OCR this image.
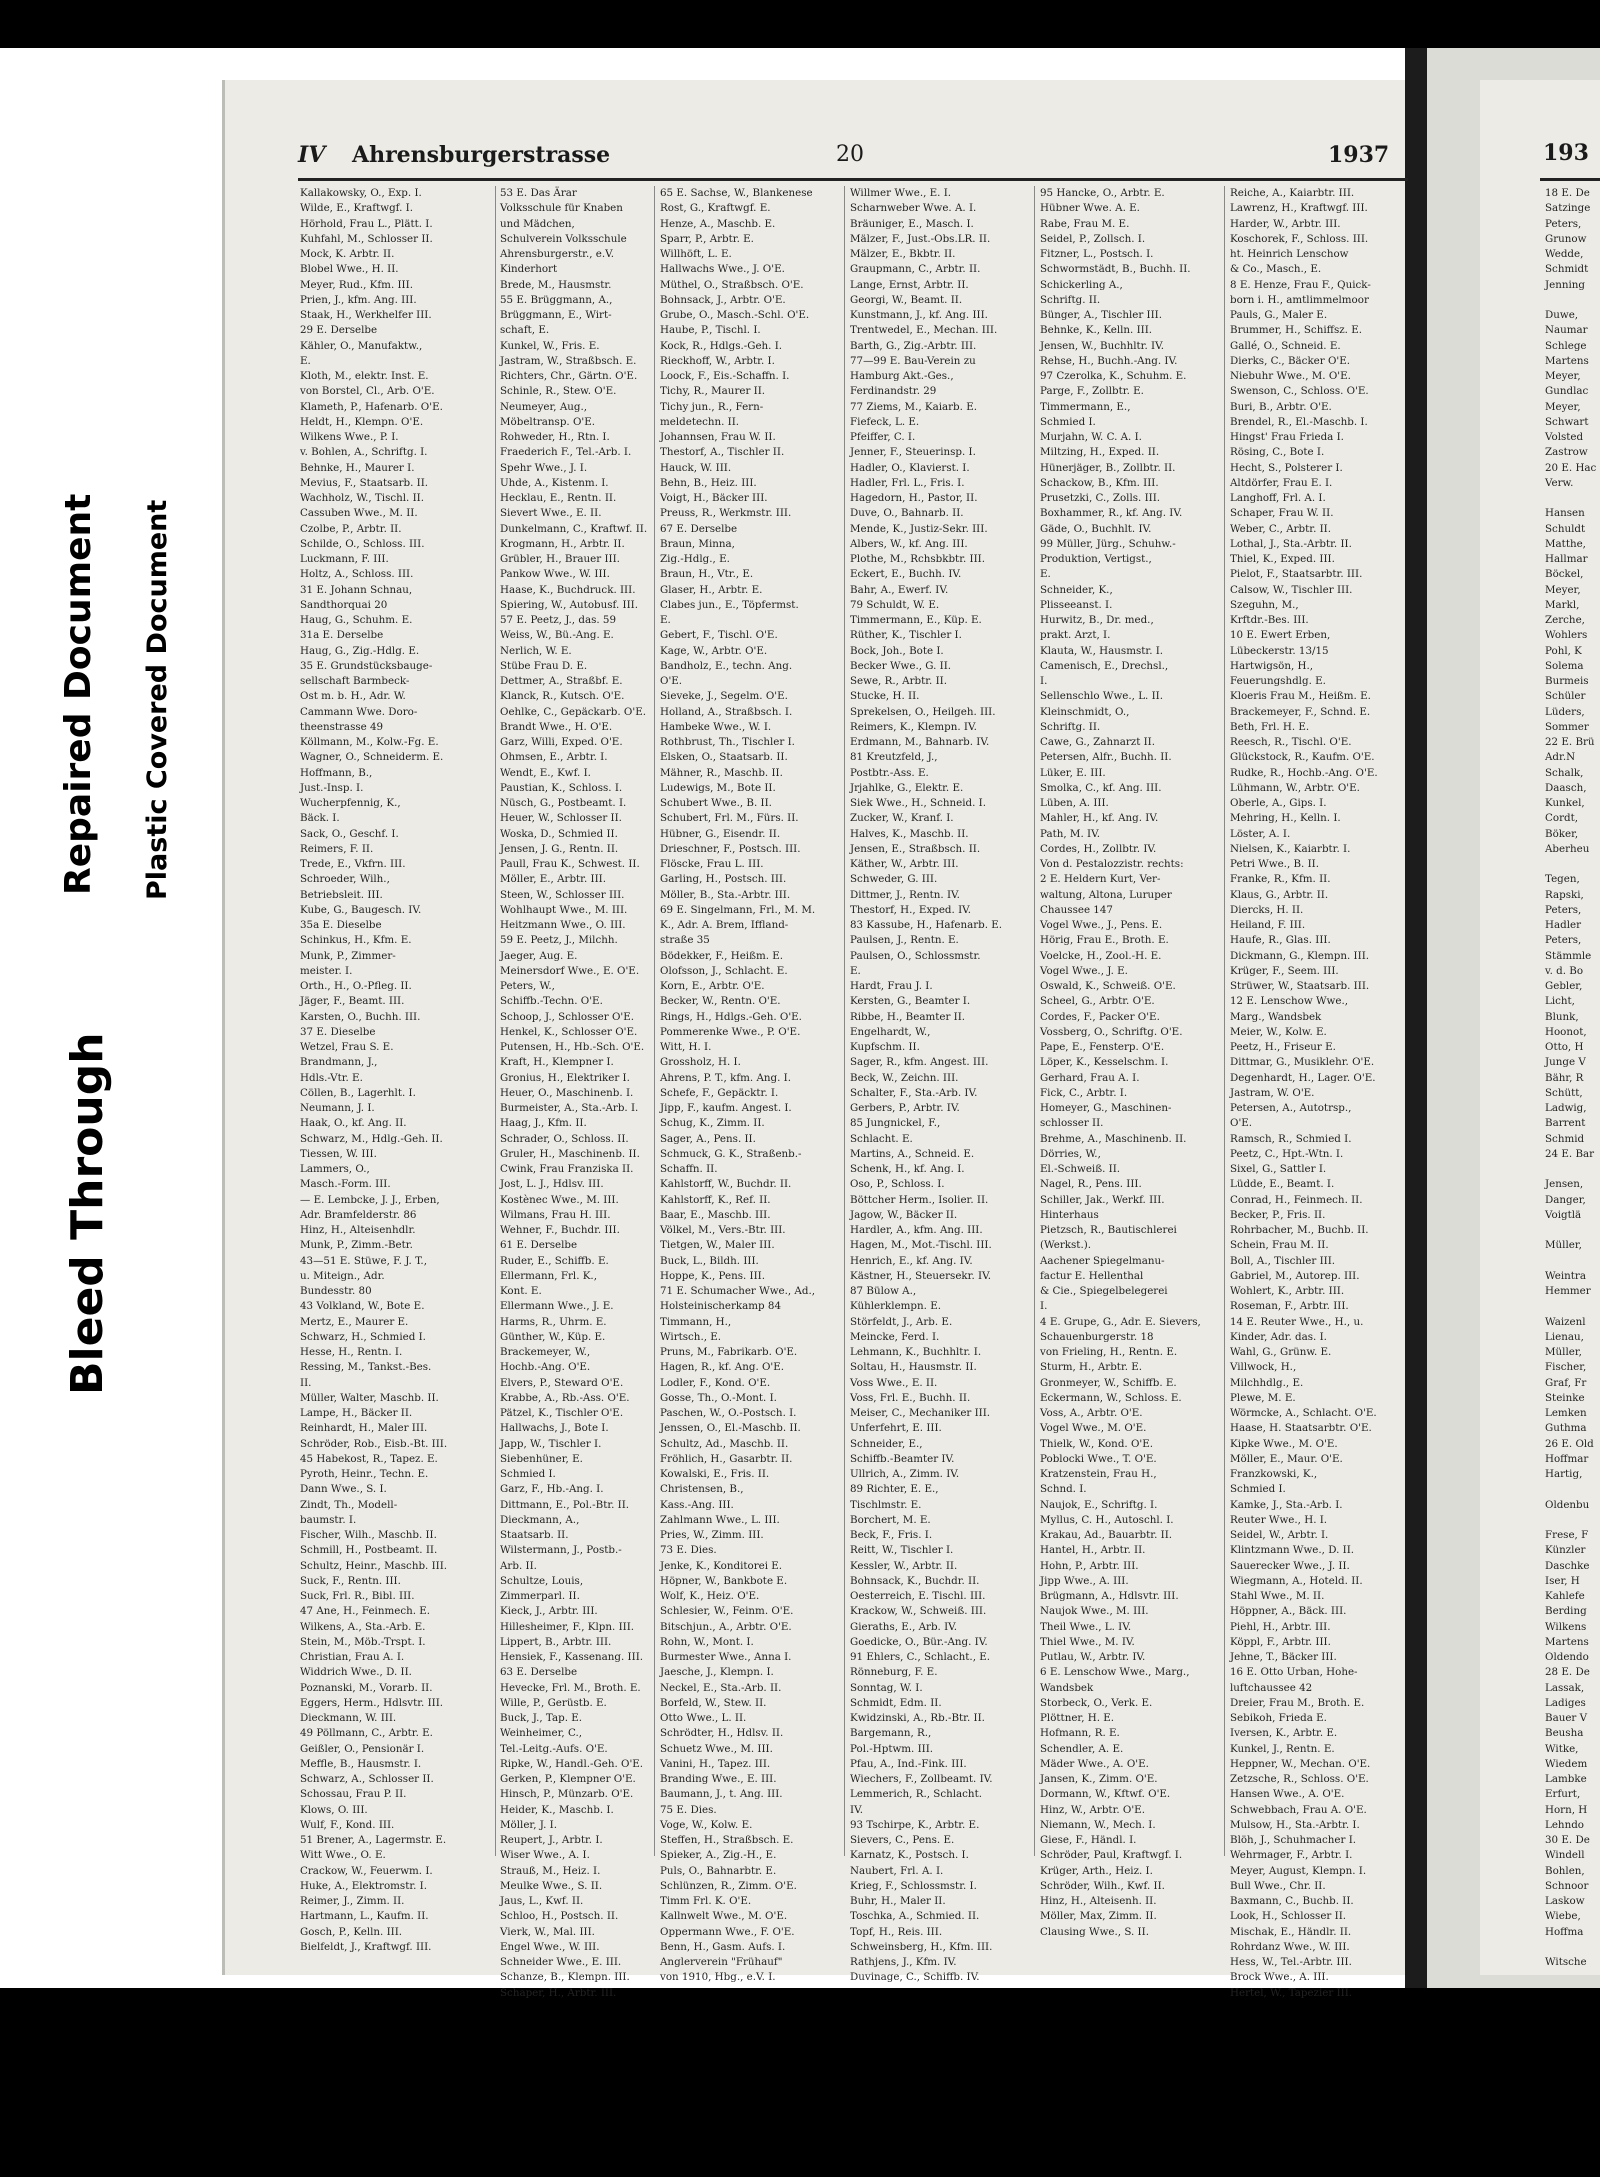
Bleed Through
Repaired Document Plastic Covered Document
IV Ahrensburgerstrasse	20	1937	193
18 E. De
Satzinge
Peters,
Grunow
Wedde,
Schmidt
Jenning

Duwe,
Naumar
Schlege
Martens
Meyer,
Gundlac
Meyer,
Schwart
Volsted
Zastrow
20 E. Hac
Verw.

Hansen
Schuldt
Matthe,
Hallmar
Böckel,
Meyer,
Markl,
Zerche,
Wohlers
Pohl, K
Solema
Burmeis
Schüler
Lüders,
Sommer
22 E. Brü
Adr.N
Schalk,
Daasch,
Kunkel,
Cordt,
Böker,
Aberheu

Tegen,
Rapski,
Peters,
Hadler
Peters,
Stämmle
v. d. Bo
Gebler,
Licht,
Blunk,
Hoonot,
Otto, H
Junge V
Bähr, R
Schütt,
Ladwig,
Barrent
Schmid
24 E. Bar

Jensen,
Danger,
Voigtlä

Müller,

Weintra
Hemmer

Waizenl
Lienau,
Müller,
Fischer,
Graf, Fr
Steinke
Lemken
Guthma
26 E. Old
Hoffmar
Hartig,

Oldenbu

Frese, F
Künzler
Daschke
Iser, H
Kahlefe
Berding
Wilkens
Martens
Oldendo
28 E. De
Lassak,
Ladiges
Bauer V
Beusha
Witke,
Wiedem
Lambke
Erfurt,
Horn, H
Lehndo
30 E. De
Windell
Bohlen,
Schnoor
Laskow
Wiebe,
Hoffma

Witsche
Kallakowsky, O., Exp. I.
Wilde, E., Kraftwgf. I.
Hörhold, Frau L., Plätt. I.
Kuhfahl, M., Schlosser II.
Mock, K. Arbtr. II.
Blobel Wwe., H. II.
Meyer, Rud., Kfm. III.
Prien, J., kfm. Ang. III.
Staak, H., Werkhelfer III.
29 E. Derselbe
Kähler, O., Manufaktw.,
E.
Kloth, M., elektr. Inst. E.
von Borstel, Cl., Arb. O'E.
Klameth, P., Hafenarb. O'E.
Heldt, H., Klempn. O'E.
Wilkens Wwe., P. I.
v. Bohlen, A., Schriftg. I.
Behnke, H., Maurer I.
Mevius, F., Staatsarb. II.
Wachholz, W., Tischl. II.
Cassuben Wwe., M. II.
Czolbe, P., Arbtr. II.
Schilde, O., Schloss. III.
Luckmann, F. III.
Holtz, A., Schloss. III.
31 E. Johann Schnau,
Sandthorquai 20
Haug, G., Schuhm. E.
31a E. Derselbe
Haug, G., Zig.-Hdlg. E.
35 E. Grundstücksbauge-
sellschaft Barmbeck-
Ost m. b. H., Adr. W.
Cammann Wwe. Doro-
theenstrasse 49
Köllmann, M., Kolw.-Fg. E.
Wagner, O., Schneiderm. E.
Hoffmann, B.,
Just.-Insp. I.
Wucherpfennig, K.,
Bäck. I.
Sack, O., Geschf. I.
Reimers, F. II.
Trede, E., Vkfrn. III.
Schroeder, Wilh.,
Betriebsleit. III.
Kube, G., Baugesch. IV.
35a E. Dieselbe
Schinkus, H., Kfm. E.
Munk, P., Zimmer-
meister. I.
Orth., H., O.-Pfleg. II.
Jäger, F., Beamt. III.
Karsten, O., Buchh. III.
37 E. Dieselbe
Wetzel, Frau S. E.
Brandmann, J.,
Hdls.-Vtr. E.
Cöllen, B., Lagerhlt. I.
Neumann, J. I.
Haak, O., kf. Ang. II.
Schwarz, M., Hdlg.-Geh. II.
Tiessen, W. III.
Lammers, O.,
Masch.-Form. III.
— E. Lembcke, J. J., Erben,
Adr. Bramfelderstr. 86
Hinz, H., Alteisenhdlr.
Munk, P., Zimm.-Betr.
43—51 E. Stüwe, F. J. T.,
u. Miteign., Adr.
Bundesstr. 80
43 Volkland, W., Bote E.
Mertz, E., Maurer E.
Schwarz, H., Schmied I.
Hesse, H., Rentn. I.
Ressing, M., Tankst.-Bes.
II.
Müller, Walter, Maschb. II.
Lampe, H., Bäcker II.
Reinhardt, H., Maler III.
Schröder, Rob., Eisb.-Bt. III.
45 Habekost, R., Tapez. E.
Pyroth, Heinr., Techn. E.
Dann Wwe., S. I.
Zindt, Th., Modell-
baumstr. I.
Fischer, Wilh., Maschb. II.
Schmill, H., Postbeamt. II.
Schultz, Heinr., Maschb. III.
Suck, F., Rentn. III.
Suck, Frl. R., Bibl. III.
47 Ane, H., Feinmech. E.
Wilkens, A., Sta.-Arb. E.
Stein, M., Möb.-Trspt. I.
Christian, Frau A. I.
Widdrich Wwe., D. II.
Poznanski, M., Vorarb. II.
Eggers, Herm., Hdlsvtr. III.
Dieckmann, W. III.
49 Pöllmann, C., Arbtr. E.
Geißler, O., Pensionär I.
Meffle, B., Hausmstr. I.
Schwarz, A., Schlosser II.
Schossau, Frau P. II.
Klows, O. III.
Wulf, F., Kond. III.
51 Brener, A., Lagermstr. E.
Witt Wwe., O. E.
Crackow, W., Feuerwm. I.
Huke, A., Elektromstr. I.
Reimer, J., Zimm. II.
Hartmann, L., Kaufm. II.
Gosch, P., Kelln. III.
Bielfeldt, J., Kraftwgf. III.
53 E. Das Ärar
Volksschule für Knaben
und Mädchen,
Schulverein Volksschule
Ahrensburgerstr., e.V.
Kinderhort
Brede, M., Hausmstr.
55 E. Brüggmann, A.,
Brüggmann, E., Wirt-
schaft, E.
Kunkel, W., Fris. E.
Jastram, W., Straßbsch. E.
Richters, Chr., Gärtn. O'E.
Schinle, R., Stew. O'E.
Neumeyer, Aug.,
Möbeltransp. O'E.
Rohweder, H., Rtn. I.
Fraederich F., Tel.-Arb. I.
Spehr Wwe., J. I.
Uhde, A., Kistenm. I.
Hecklau, E., Rentn. II.
Sievert Wwe., E. II.
Dunkelmann, C., Kraftwf. II.
Krogmann, H., Arbtr. II.
Grübler, H., Brauer III.
Pankow Wwe., W. III.
Haase, K., Buchdruck. III.
Spiering, W., Autobusf. III.
57 E. Peetz, J., das. 59
Weiss, W., Bü.-Ang. E.
Nerlich, W. E.
Stübe Frau D. E.
Dettmer, A., Straßbf. E.
Klanck, R., Kutsch. O'E.
Oehlke, C., Gepäckarb. O'E.
Brandt Wwe., H. O'E.
Garz, Willi, Exped. O'E.
Ohmsen, E., Arbtr. I.
Wendt, E., Kwf. I.
Paustian, K., Schloss. I.
Nüsch, G., Postbeamt. I.
Heuer, W., Schlosser II.
Woska, D., Schmied II.
Jensen, J. G., Rentn. II.
Paull, Frau K., Schwest. II.
Möller, E., Arbtr. III.
Steen, W., Schlosser III.
Wohlhaupt Wwe., M. III.
Heitzmann Wwe., O. III.
59 E. Peetz, J., Milchh.
Jaeger, Aug. E.
Meinersdorf Wwe., E. O'E.
Peters, W.,
Schiffb.-Techn. O'E.
Schoop, J., Schlosser O'E.
Henkel, K., Schlosser O'E.
Putensen, H., Hb.-Sch. O'E.
Kraft, H., Klempner I.
Gronius, H., Elektriker I.
Heuer, O., Maschinenb. I.
Burmeister, A., Sta.-Arb. I.
Haag, J., Kfm. II.
Schrader, O., Schloss. II.
Gruler, H., Maschinenb. II.
Cwink, Frau Franziska II.
Jost, L. J., Hdlsv. III.
Kostènec Wwe., M. III.
Wilmans, Frau H. III.
Wehner, F., Buchdr. III.
61 E. Derselbe
Ruder, E., Schiffb. E.
Ellermann, Frl. K.,
Kont. E.
Ellermann Wwe., J. E.
Harms, R., Uhrm. E.
Günther, W., Küp. E.
Brackemeyer, W.,
Hochb.-Ang. O'E.
Elvers, P., Steward O'E.
Krabbe, A., Rb.-Ass. O'E.
Pätzel, K., Tischler O'E.
Hallwachs, J., Bote I.
Japp, W., Tischler I.
Siebenhüner, E.
Schmied I.
Garz, F., Hb.-Ang. I.
Dittmann, E., Pol.-Btr. II.
Dieckmann, A.,
Staatsarb. II.
Wilstermann, J., Postb.-
Arb. II.
Schultze, Louis,
Zimmerparl. II.
Kieck, J., Arbtr. III.
Hillesheimer, F., Klpn. III.
Lippert, B., Arbtr. III.
Hensiek, F., Kassenang. III.
63 E. Derselbe
Hevecke, Frl. M., Broth. E.
Wille, P., Gerüstb. E.
Buck, J., Tap. E.
Weinheimer, C.,
Tel.-Leitg.-Aufs. O'E.
Ripke, W., Handl.-Geh. O'E.
Gerken, P., Klempner O'E.
Hinsch, P., Münzarb. O'E.
Heider, K., Maschb. I.
Möller, J. I.
Reupert, J., Arbtr. I.
Wiser Wwe., A. I.
Strauß, M., Heiz. I.
Meulke Wwe., S. II.
Jaus, L., Kwf. II.
Schloo, H., Postsch. II.
Vierk, W., Mal. III.
Engel Wwe., W. III.
Schneider Wwe., E. III.
Schanze, B., Klempn. III.
Schaper, H., Arbtr. III.
65 E. Sachse, W., Blankenese
Rost, G., Kraftwgf. E.
Henze, A., Maschb. E.
Sparr, P., Arbtr. E.
Willhöft, L. E.
Hallwachs Wwe., J. O'E.
Müthel, O., Straßbsch. O'E.
Bohnsack, J., Arbtr. O'E.
Grube, O., Masch.-Schl. O'E.
Haube, P., Tischl. I.
Kock, R., Hdlgs.-Geh. I.
Rieckhoff, W., Arbtr. I.
Loock, F., Eis.-Schaffn. I.
Tichy, R., Maurer II.
Tichy jun., R., Fern-
meldetechn. II.
Johannsen, Frau W. II.
Thestorf, A., Tischler II.
Hauck, W. III.
Behn, B., Heiz. III.
Voigt, H., Bäcker III.
Preuss, R., Werkmstr. III.
67 E. Derselbe
Braun, Minna,
Zig.-Hdlg., E.
Braun, H., Vtr., E.
Glaser, H., Arbtr. E.
Clabes jun., E., Töpfermst.
E.
Gebert, F., Tischl. O'E.
Kage, W., Arbtr. O'E.
Bandholz, E., techn. Ang.
O'E.
Sieveke, J., Segelm. O'E.
Holland, A., Straßbsch. I.
Hambeke Wwe., W. I.
Rothbrust, Th., Tischler I.
Elsken, O., Staatsarb. II.
Mähner, R., Maschb. II.
Ludewigs, M., Bote II.
Schubert Wwe., B. II.
Schubert, Frl. M., Fürs. II.
Hübner, G., Eisendr. II.
Drieschner, F., Postsch. III.
Flöscke, Frau L. III.
Garling, H., Postsch. III.
Möller, B., Sta.-Arbtr. III.
69 E. Singelmann, Frl., M. M.
K., Adr. A. Brem, Iffland-
straße 35
Bödekker, F., Heißm. E.
Olofsson, J., Schlacht. E.
Korn, E., Arbtr. O'E.
Becker, W., Rentn. O'E.
Rings, H., Hdlgs.-Geh. O'E.
Pommerenke Wwe., P. O'E.
Witt, H. I.
Grossholz, H. I.
Ahrens, P. T., kfm. Ang. I.
Schefe, F., Gepäcktr. I.
Jipp, F., kaufm. Angest. I.
Schug, K., Zimm. II.
Sager, A., Pens. II.
Schmuck, G. K., Straßenb.-
Schaffn. II.
Kahlstorff, W., Buchdr. II.
Kahlstorff, K., Ref. II.
Baar, E., Maschb. III.
Völkel, M., Vers.-Btr. III.
Tietgen, W., Maler III.
Buck, L., Bildh. III.
Hoppe, K., Pens. III.
71 E. Schumacher Wwe., Ad.,
Holsteinischerkamp 84
Timmann, H.,
Wirtsch., E.
Pruns, M., Fabrikarb. O'E.
Hagen, R., kf. Ang. O'E.
Lodler, F., Kond. O'E.
Gosse, Th., O.-Mont. I.
Paschen, W., O.-Postsch. I.
Jenssen, O., El.-Maschb. II.
Schultz, Ad., Maschb. II.
Fröhlich, H., Gasarbtr. II.
Kowalski, E., Fris. II.
Christensen, B.,
Kass.-Ang. III.
Zahlmann Wwe., L. III.
Pries, W., Zimm. III.
73 E. Dies.
Jenke, K., Konditorei E.
Höpner, W., Bankbote E.
Wolf, K., Heiz. O'E.
Schlesier, W., Feinm. O'E.
Bitschjun., A., Arbtr. O'E.
Rohn, W., Mont. I.
Burmester Wwe., Anna I.
Jaesche, J., Klempn. I.
Neckel, E., Sta.-Arb. II.
Borfeld, W., Stew. II.
Otto Wwe., L. II.
Schrödter, H., Hdlsv. II.
Schuetz Wwe., M. III.
Vanini, H., Tapez. III.
Branding Wwe., E. III.
Baumann, J., t. Ang. III.
75 E. Dies.
Voge, W., Kolw. E.
Steffen, H., Straßbsch. E.
Spieker, A., Zig.-H., E.
Puls, O., Bahnarbtr. E.
Schlünzen, R., Zimm. O'E.
Timm Frl. K. O'E.
Kallnwelt Wwe., M. O'E.
Oppermann Wwe., F. O'E.
Benn, H., Gasm. Aufs. I.
Anglerverein "Frühauf"
von 1910, Hbg., e.V. I.
Willmer Wwe., E. I.
Scharnweber Wwe. A. I.
Bräuniger, E., Masch. I.
Mälzer, F., Just.-Obs.LR. II.
Mälzer, E., Bkbtr. II.
Graupmann, C., Arbtr. II.
Lange, Ernst, Arbtr. II.
Georgi, W., Beamt. II.
Kunstmann, J., kf. Ang. III.
Trentwedel, E., Mechan. III.
Barth, G., Zig.-Arbtr. III.
77—99 E. Bau-Verein zu
Hamburg Akt.-Ges.,
Ferdinandstr. 29
77 Ziems, M., Kaiarb. E.
Fiefeck, L. E.
Pfeiffer, C. I.
Jenner, F., Steuerinsp. I.
Hadler, O., Klavierst. I.
Hadler, Frl. L., Fris. I.
Hagedorn, H., Pastor, II.
Duve, O., Bahnarb. II.
Mende, K., Justiz-Sekr. III.
Albers, W., kf. Ang. III.
Plothe, M., Rchsbkbtr. III.
Eckert, E., Buchh. IV.
Bahr, A., Ewerf. IV.
79 Schuldt, W. E.
Timmermann, E., Küp. E.
Rüther, K., Tischler I.
Bock, Joh., Bote I.
Becker Wwe., G. II.
Sewe, R., Arbtr. II.
Stucke, H. II.
Sprekelsen, O., Heilgeh. III.
Reimers, K., Klempn. IV.
Erdmann, M., Bahnarb. IV.
81 Kreutzfeld, J.,
Postbtr.-Ass. E.
Jrjahlke, G., Elektr. E.
Siek Wwe., H., Schneid. I.
Zucker, W., Kranf. I.
Halves, K., Maschb. II.
Jensen, E., Straßbsch. II.
Käther, W., Arbtr. III.
Schweder, G. III.
Dittmer, J., Rentn. IV.
Thestorf, H., Exped. IV.
83 Kassube, H., Hafenarb. E.
Paulsen, J., Rentn. E.
Paulsen, O., Schlossmstr.
E.
Hardt, Frau J. I.
Kersten, G., Beamter I.
Ribbe, H., Beamter II.
Engelhardt, W.,
Kupfschm. II.
Sager, R., kfm. Angest. III.
Beck, W., Zeichn. III.
Schalter, F., Sta.-Arb. IV.
Gerbers, P., Arbtr. IV.
85 Jungnickel, F.,
Schlacht. E.
Martins, A., Schneid. E.
Schenk, H., kf. Ang. I.
Oso, P., Schloss. I.
Böttcher Herm., Isolier. II.
Jagow, W., Bäcker II.
Hardler, A., kfm. Ang. III.
Hagen, M., Mot.-Tischl. III.
Henrich, E., kf. Ang. IV.
Kästner, H., Steuersekr. IV.
87 Bülow A.,
Kühlerklempn. E.
Störfeldt, J., Arb. E.
Meincke, Ferd. I.
Lehmann, K., Buchhltr. I.
Soltau, H., Hausmstr. II.
Voss Wwe., E. II.
Voss, Frl. E., Buchh. II.
Meiser, C., Mechaniker III.
Unferfehrt, E. III.
Schneider, E.,
Schiffb.-Beamter IV.
Ullrich, A., Zimm. IV.
89 Richter, E. E.,
Tischlmstr. E.
Borchert, M. E.
Beck, F., Fris. I.
Reitt, W., Tischler I.
Kessler, W., Arbtr. II.
Bohnsack, K., Buchdr. II.
Oesterreich, E. Tischl. III.
Krackow, W., Schweiß. III.
Gieraths, E., Arb. IV.
Goedicke, O., Bür.-Ang. IV.
91 Ehlers, C., Schlacht., E.
Rönneburg, F. E.
Sonntag, W. I.
Schmidt, Edm. II.
Kwidzinski, A., Rb.-Btr. II.
Bargemann, R.,
Pol.-Hptwm. III.
Pfau, A., Ind.-Fink. III.
Wiechers, F., Zollbeamt. IV.
Lemmerich, R., Schlacht.
IV.
93 Tschirpe, K., Arbtr. E.
Sievers, C., Pens. E.
Karnatz, K., Postsch. I.
Naubert, Frl. A. I.
Krieg, F., Schlossmstr. I.
Buhr, H., Maler II.
Toschka, A., Schmied. II.
Topf, H., Reis. III.
Schweinsberg, H., Kfm. III.
Rathjens, J., Kfm. IV.
Duvinage, C., Schiffb. IV.
95 Hancke, O., Arbtr. E.
Hübner Wwe. A. E.
Rabe, Frau M. E.
Seidel, P., Zollsch. I.
Fitzner, L., Postsch. I.
Schwormstädt, B., Buchh. II.
Schickerling A.,
Schriftg. II.
Bünger, A., Tischler III.
Behnke, K., Kelln. III.
Jensen, W., Buchhltr. IV.
Rehse, H., Buchh.-Ang. IV.
97 Czerolka, K., Schuhm. E.
Parge, F., Zollbtr. E.
Timmermann, E.,
Schmied I.
Murjahn, W. C. A. I.
Miltzing, H., Exped. II.
Hünerjäger, B., Zollbtr. II.
Schackow, B., Kfm. III.
Prusetzki, C., Zolls. III.
Boxhammer, R., kf. Ang. IV.
Gäde, O., Buchhlt. IV.
99 Müller, Jürg., Schuhw.-
Produktion, Vertigst.,
E.
Schneider, K.,
Plisseeanst. I.
Hurwitz, B., Dr. med.,
prakt. Arzt, I.
Klauta, W., Hausmstr. I.
Camenisch, E., Drechsl.,
I.
Sellenschlo Wwe., L. II.
Kleinschmidt, O.,
Schriftg. II.
Cawe, G., Zahnarzt II.
Petersen, Alfr., Buchh. II.
Lüker, E. III.
Smolka, C., kf. Ang. III.
Lüben, A. III.
Mahler, H., kf. Ang. IV.
Path, M. IV.
Cordes, H., Zollbtr. IV.
Von d. Pestalozzistr. rechts:
2 E. Heldern Kurt, Ver-
waltung, Altona, Luruper
Chaussee 147
Vogel Wwe., J., Pens. E.
Hörig, Frau E., Broth. E.
Voelcke, H., Zool.-H. E.
Vogel Wwe., J. E.
Oswald, K., Schweiß. O'E.
Scheel, G., Arbtr. O'E.
Cordes, F., Packer O'E.
Vossberg, O., Schriftg. O'E.
Pape, E., Fensterp. O'E.
Löper, K., Kesselschm. I.
Gerhard, Frau A. I.
Fick, C., Arbtr. I.
Homeyer, G., Maschinen-
schlosser II.
Brehme, A., Maschinenb. II.
Dörries, W.,
El.-Schweiß. II.
Nagel, R., Pens. III.
Schiller, Jak., Werkf. III.
Hinterhaus
Pietzsch, R., Bautischlerei
(Werkst.).
Aachener Spiegelmanu-
factur E. Hellenthal
& Cie., Spiegelbelegerei
I.
4 E. Grupe, G., Adr. E. Sievers,
Schauenburgerstr. 18
von Frieling, H., Rentn. E.
Sturm, H., Arbtr. E.
Gronmeyer, W., Schiffb. E.
Eckermann, W., Schloss. E.
Voss, A., Arbtr. O'E.
Vogel Wwe., M. O'E.
Thielk, W., Kond. O'E.
Poblocki Wwe., T. O'E.
Kratzenstein, Frau H.,
Schnd. I.
Naujok, E., Schriftg. I.
Myllus, C. H., Autoschl. I.
Krakau, Ad., Bauarbtr. II.
Hantel, H., Arbtr. II.
Hohn, P., Arbtr. III.
Jipp Wwe., A. III.
Brügmann, A., Hdlsvtr. III.
Naujok Wwe., M. III.
Theil Wwe., L. IV.
Thiel Wwe., M. IV.
Putlau, W., Arbtr. IV.
6 E. Lenschow Wwe., Marg.,
Wandsbek
Storbeck, O., Verk. E.
Plöttner, H. E.
Hofmann, R. E.
Schendler, A. E.
Mäder Wwe., A. O'E.
Jansen, K., Zimm. O'E.
Dormann, W., Kftwf. O'E.
Hinz, W., Arbtr. O'E.
Niemann, W., Mech. I.
Giese, F., Händl. I.
Schröder, Paul, Kraftwgf. I.
Krüger, Arth., Heiz. I.
Schröder, Wilh., Kwf. II.
Hinz, H., Alteisenh. II.
Möller, Max, Zimm. II.
Clausing Wwe., S. II.
Reiche, A., Kaiarbtr. III.
Lawrenz, H., Kraftwgf. III.
Harder, W., Arbtr. III.
Koschorek, F., Schloss. III.
ht. Heinrich Lenschow
& Co., Masch., E.
8 E. Henze, Frau F., Quick-
born i. H., amtlimmelmoor
Pauls, G., Maler E.
Brummer, H., Schiffsz. E.
Gallé, O., Schneid. E.
Dierks, C., Bäcker O'E.
Niebuhr Wwe., M. O'E.
Swenson, C., Schloss. O'E.
Buri, B., Arbtr. O'E.
Brendel, R., El.-Maschb. I.
Hingst' Frau Frieda I.
Rösing, C., Bote I.
Hecht, S., Polsterer I.
Altdörfer, Frau E. I.
Langhoff, Frl. A. I.
Schaper, Frau W. II.
Weber, C., Arbtr. II.
Lothal, J., Sta.-Arbtr. II.
Thiel, K., Exped. III.
Pielot, F., Staatsarbtr. III.
Calsow, W., Tischler III.
Szeguhn, M.,
Krftdr.-Bes. III.
10 E. Ewert Erben,
Lübeckerstr. 13/15
Hartwigsön, H.,
Feuerungshdlg. E.
Kloeris Frau M., Heißm. E.
Brackemeyer, F., Schnd. E.
Beth, Frl. H. E.
Reesch, R., Tischl. O'E.
Glückstock, R., Kaufm. O'E.
Rudke, R., Hochb.-Ang. O'E.
Lühmann, W., Arbtr. O'E.
Oberle, A., Gips. I.
Mehring, H., Kelln. I.
Löster, A. I.
Nielsen, K., Kaiarbtr. I.
Petri Wwe., B. II.
Franke, R., Kfm. II.
Klaus, G., Arbtr. II.
Diercks, H. II.
Heiland, F. III.
Haufe, R., Glas. III.
Dickmann, G., Klempn. III.
Krüger, F., Seem. III.
Strüwer, W., Staatsarb. III.
12 E. Lenschow Wwe.,
Marg., Wandsbek
Meier, W., Kolw. E.
Peetz, H., Friseur E.
Dittmar, G., Musiklehr. O'E.
Degenhardt, H., Lager. O'E.
Jastram, W. O'E.
Petersen, A., Autotrsp.,
O'E.
Ramsch, R., Schmied I.
Peetz, C., Hpt.-Wtn. I.
Sixel, G., Sattler I.
Lüdde, E., Beamt. I.
Conrad, H., Feinmech. II.
Becker, P., Fris. II.
Rohrbacher, M., Buchb. II.
Schein, Frau M. II.
Boll, A., Tischler III.
Gabriel, M., Autorep. III.
Wohlert, K., Arbtr. III.
Roseman, F., Arbtr. III.
14 E. Reuter Wwe., H., u.
Kinder, Adr. das. I.
Wahl, G., Grünw. E.
Villwock, H.,
Milchhdlg., E.
Plewe, M. E.
Wörmcke, A., Schlacht. O'E.
Haase, H. Staatsarbtr. O'E.
Kipke Wwe., M. O'E.
Möller, E., Maur. O'E.
Franzkowski, K.,
Schmied I.
Kamke, J., Sta.-Arb. I.
Reuter Wwe., H. I.
Seidel, W., Arbtr. I.
Klintzmann Wwe., D. II.
Sauerecker Wwe., J. II.
Wiegmann, A., Hoteld. II.
Stahl Wwe., M. II.
Höppner, A., Bäck. III.
Piehl, H., Arbtr. III.
Köppl, F., Arbtr. III.
Jehne, T., Bäcker III.
16 E. Otto Urban, Hohe-
luftchaussee 42
Dreier, Frau M., Broth. E.
Sebikoh, Frieda E.
Iversen, K., Arbtr. E.
Kunkel, J., Rentn. E.
Heppner, W., Mechan. O'E.
Zetzsche, R., Schloss. O'E.
Hansen Wwe., A. O'E.
Schwebbach, Frau A. O'E.
Mulsow, H., Sta.-Arbtr. I.
Blöh, J., Schuhmacher I.
Wehrmager, F., Arbtr. I.
Meyer, August, Klempn. I.
Bull Wwe., Chr. II.
Baxmann, C., Buchb. II.
Look, H., Schlosser II.
Mischak, E., Händlr. II.
Rohrdanz Wwe., W. III.
Hess, W., Tel.-Arbtr. III.
Brock Wwe., A. III.
Hertel, W., Tapezier III.
